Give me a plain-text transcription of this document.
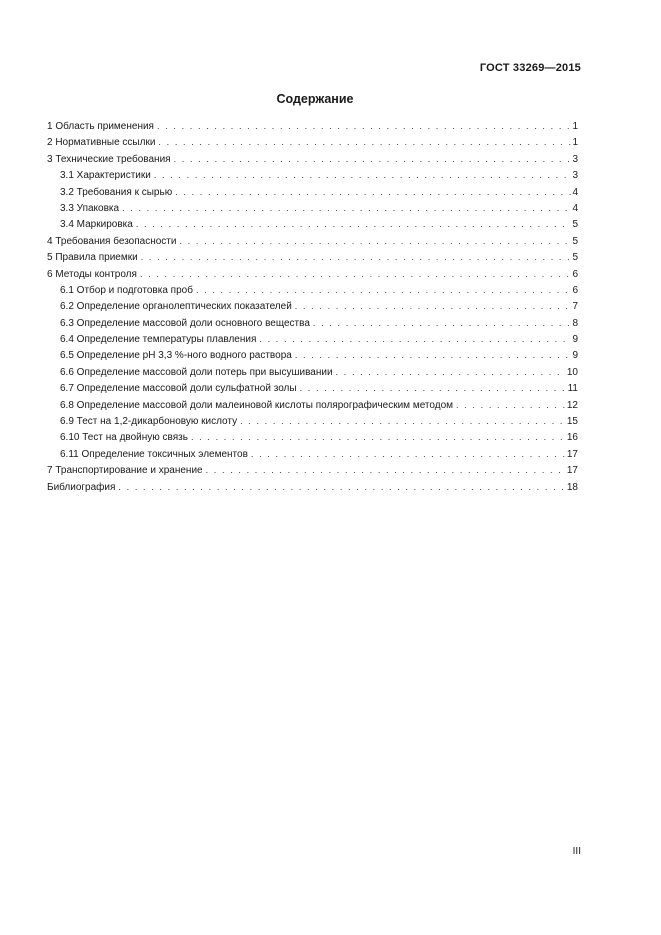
ГОСТ 33269—2015
Содержание
1 Область применения . . .	1
2 Нормативные ссылки . . .	1
3 Технические требования . . .	3
3.1 Характеристики . . .	3
3.2 Требования к сырью . . .	4
3.3 Упаковка . . .	4
3.4 Маркировка . . .	5
4 Требования безопасности . . .	5
5 Правила приемки . . .	5
6 Методы контроля . . .	6
6.1 Отбор и подготовка проб . . .	6
6.2 Определение органолептических показателей . . .	7
6.3 Определение массовой доли основного вещества . . .	8
6.4 Определение температуры плавления . . .	9
6.5 Определение рН 3,3 %-ного водного раствора . . .	9
6.6 Определение массовой доли потерь при высушивании . . .	10
6.7 Определение массовой доли сульфатной золы . . .	11
6.8 Определение массовой доли малеиновой кислоты полярографическим методом . . .	12
6.9 Тест на 1,2-дикарбоновую кислоту . . .	15
6.10 Тест на двойную связь . . .	16
6.11 Определение токсичных элементов . . .	17
7 Транспортирование и хранение . . .	17
Библиография . . .	18
III
